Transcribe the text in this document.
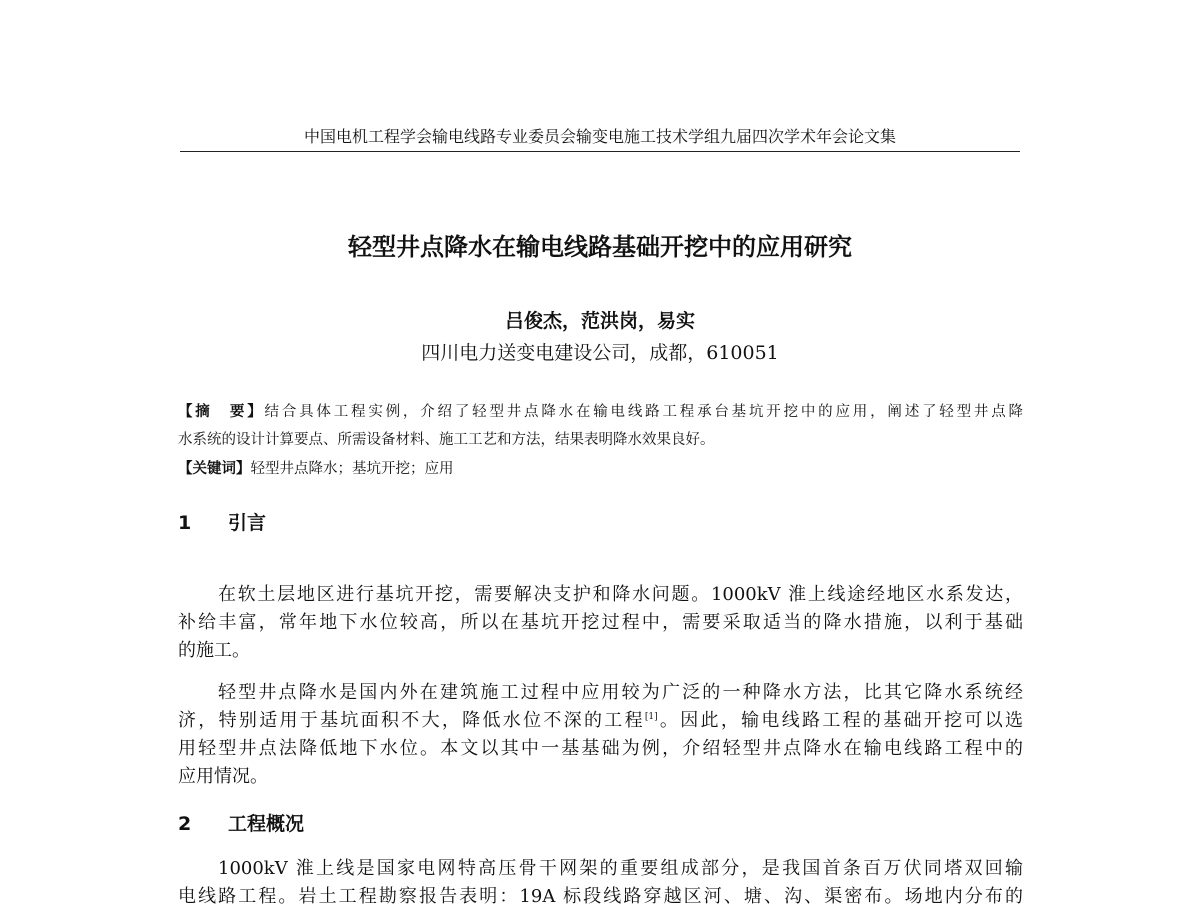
中国电机工程学会输电线路专业委员会输变电施工技术学组九届四次学术年会论文集
轻型井点降水在输电线路基础开挖中的应用研究
吕俊杰，范洪岗，易实
四川电力送变电建设公司，成都，610051
【摘　要】结合具体工程实例，介绍了轻型井点降水在输电线路工程承台基坑开挖中的应用，阐述了轻型井点降
水系统的设计计算要点、所需设备材料、施工工艺和方法，结果表明降水效果良好。
【关键词】轻型井点降水；基坑开挖；应用
1 引言
在软土层地区进行基坑开挖，需要解决支护和降水问题。1000kV 淮上线途经地区水系发达，
补给丰富，常年地下水位较高，所以在基坑开挖过程中，需要采取适当的降水措施，以利于基础
的施工。
轻型井点降水是国内外在建筑施工过程中应用较为广泛的一种降水方法，比其它降水系统经
济，特别适用于基坑面积不大，降低水位不深的工程[1]。因此，输电线路工程的基础开挖可以选
用轻型井点法降低地下水位。本文以其中一基基础为例，介绍轻型井点降水在输电线路工程中的
应用情况。
2 工程概况
1000kV 淮上线是国家电网特高压骨干网架的重要组成部分，是我国首条百万伏同塔双回输
电线路工程。岩土工程勘察报告表明：19A 标段线路穿越区河、塘、沟、渠密布。场地内分布的
